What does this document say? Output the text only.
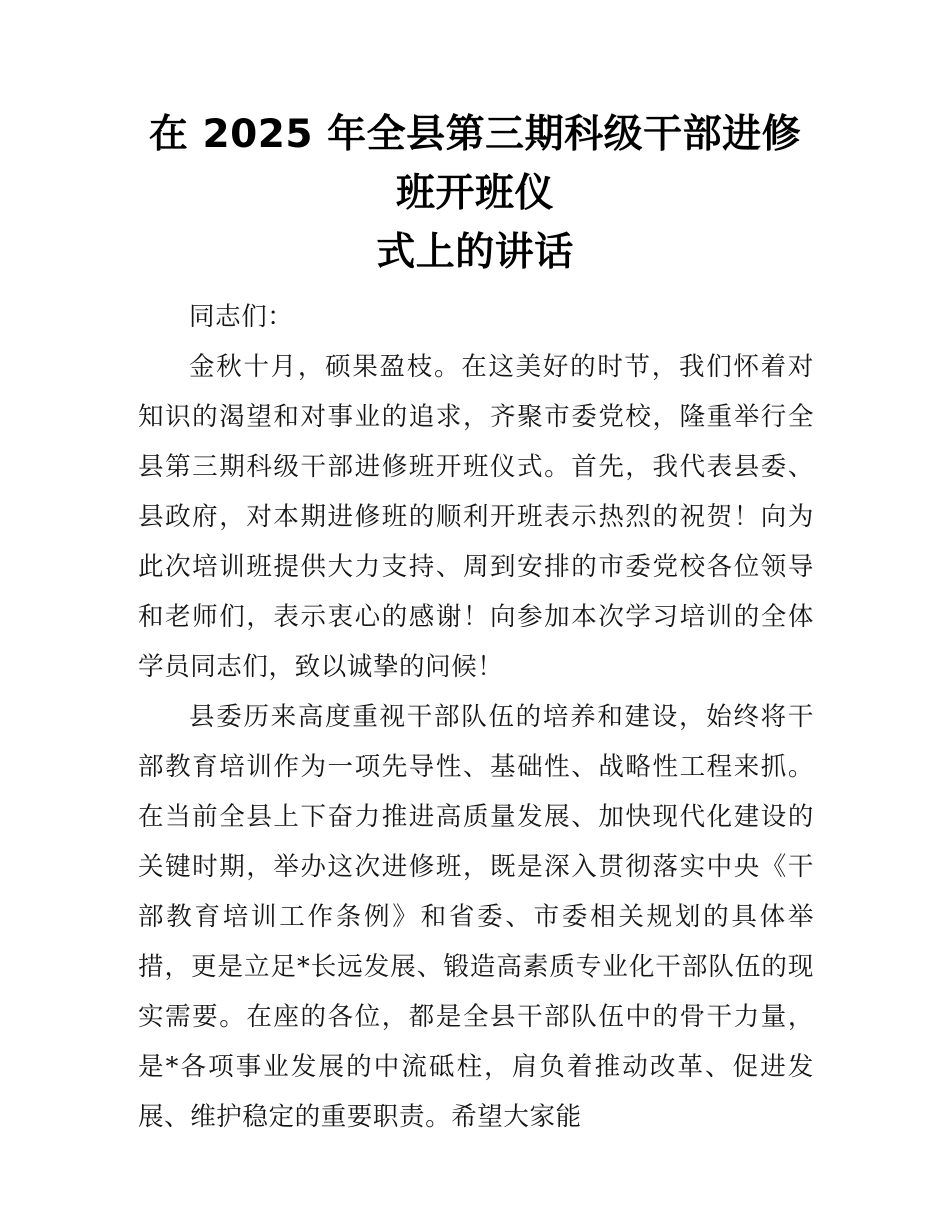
在 2025 年全县第三期科级干部进修班开班仪
式上的讲话

同志们：

金秋十月，硕果盈枝。在这美好的时节，我们怀着对知识的渴望和对事业的追求，齐聚市委党校，隆重举行全县第三期科级干部进修班开班仪式。首先，我代表县委、县政府，对本期进修班的顺利开班表示热烈的祝贺！向为此次培训班提供大力支持、周到安排的市委党校各位领导和老师们，表示衷心的感谢！向参加本次学习培训的全体学员同志们，致以诚挚的问候！

县委历来高度重视干部队伍的培养和建设，始终将干部教育培训作为一项先导性、基础性、战略性工程来抓。在当前全县上下奋力推进高质量发展、加快现代化建设的关键时期，举办这次进修班，既是深入贯彻落实中央《干部教育培训工作条例》和省委、市委相关规划的具体举措，更是立足*长远发展、锻造高素质专业化干部队伍的现实需要。在座的各位，都是全县干部队伍中的骨干力量，是*各项事业发展的中流砥柱，肩负着推动改革、促进发展、维护稳定的重要职责。希望大家能
